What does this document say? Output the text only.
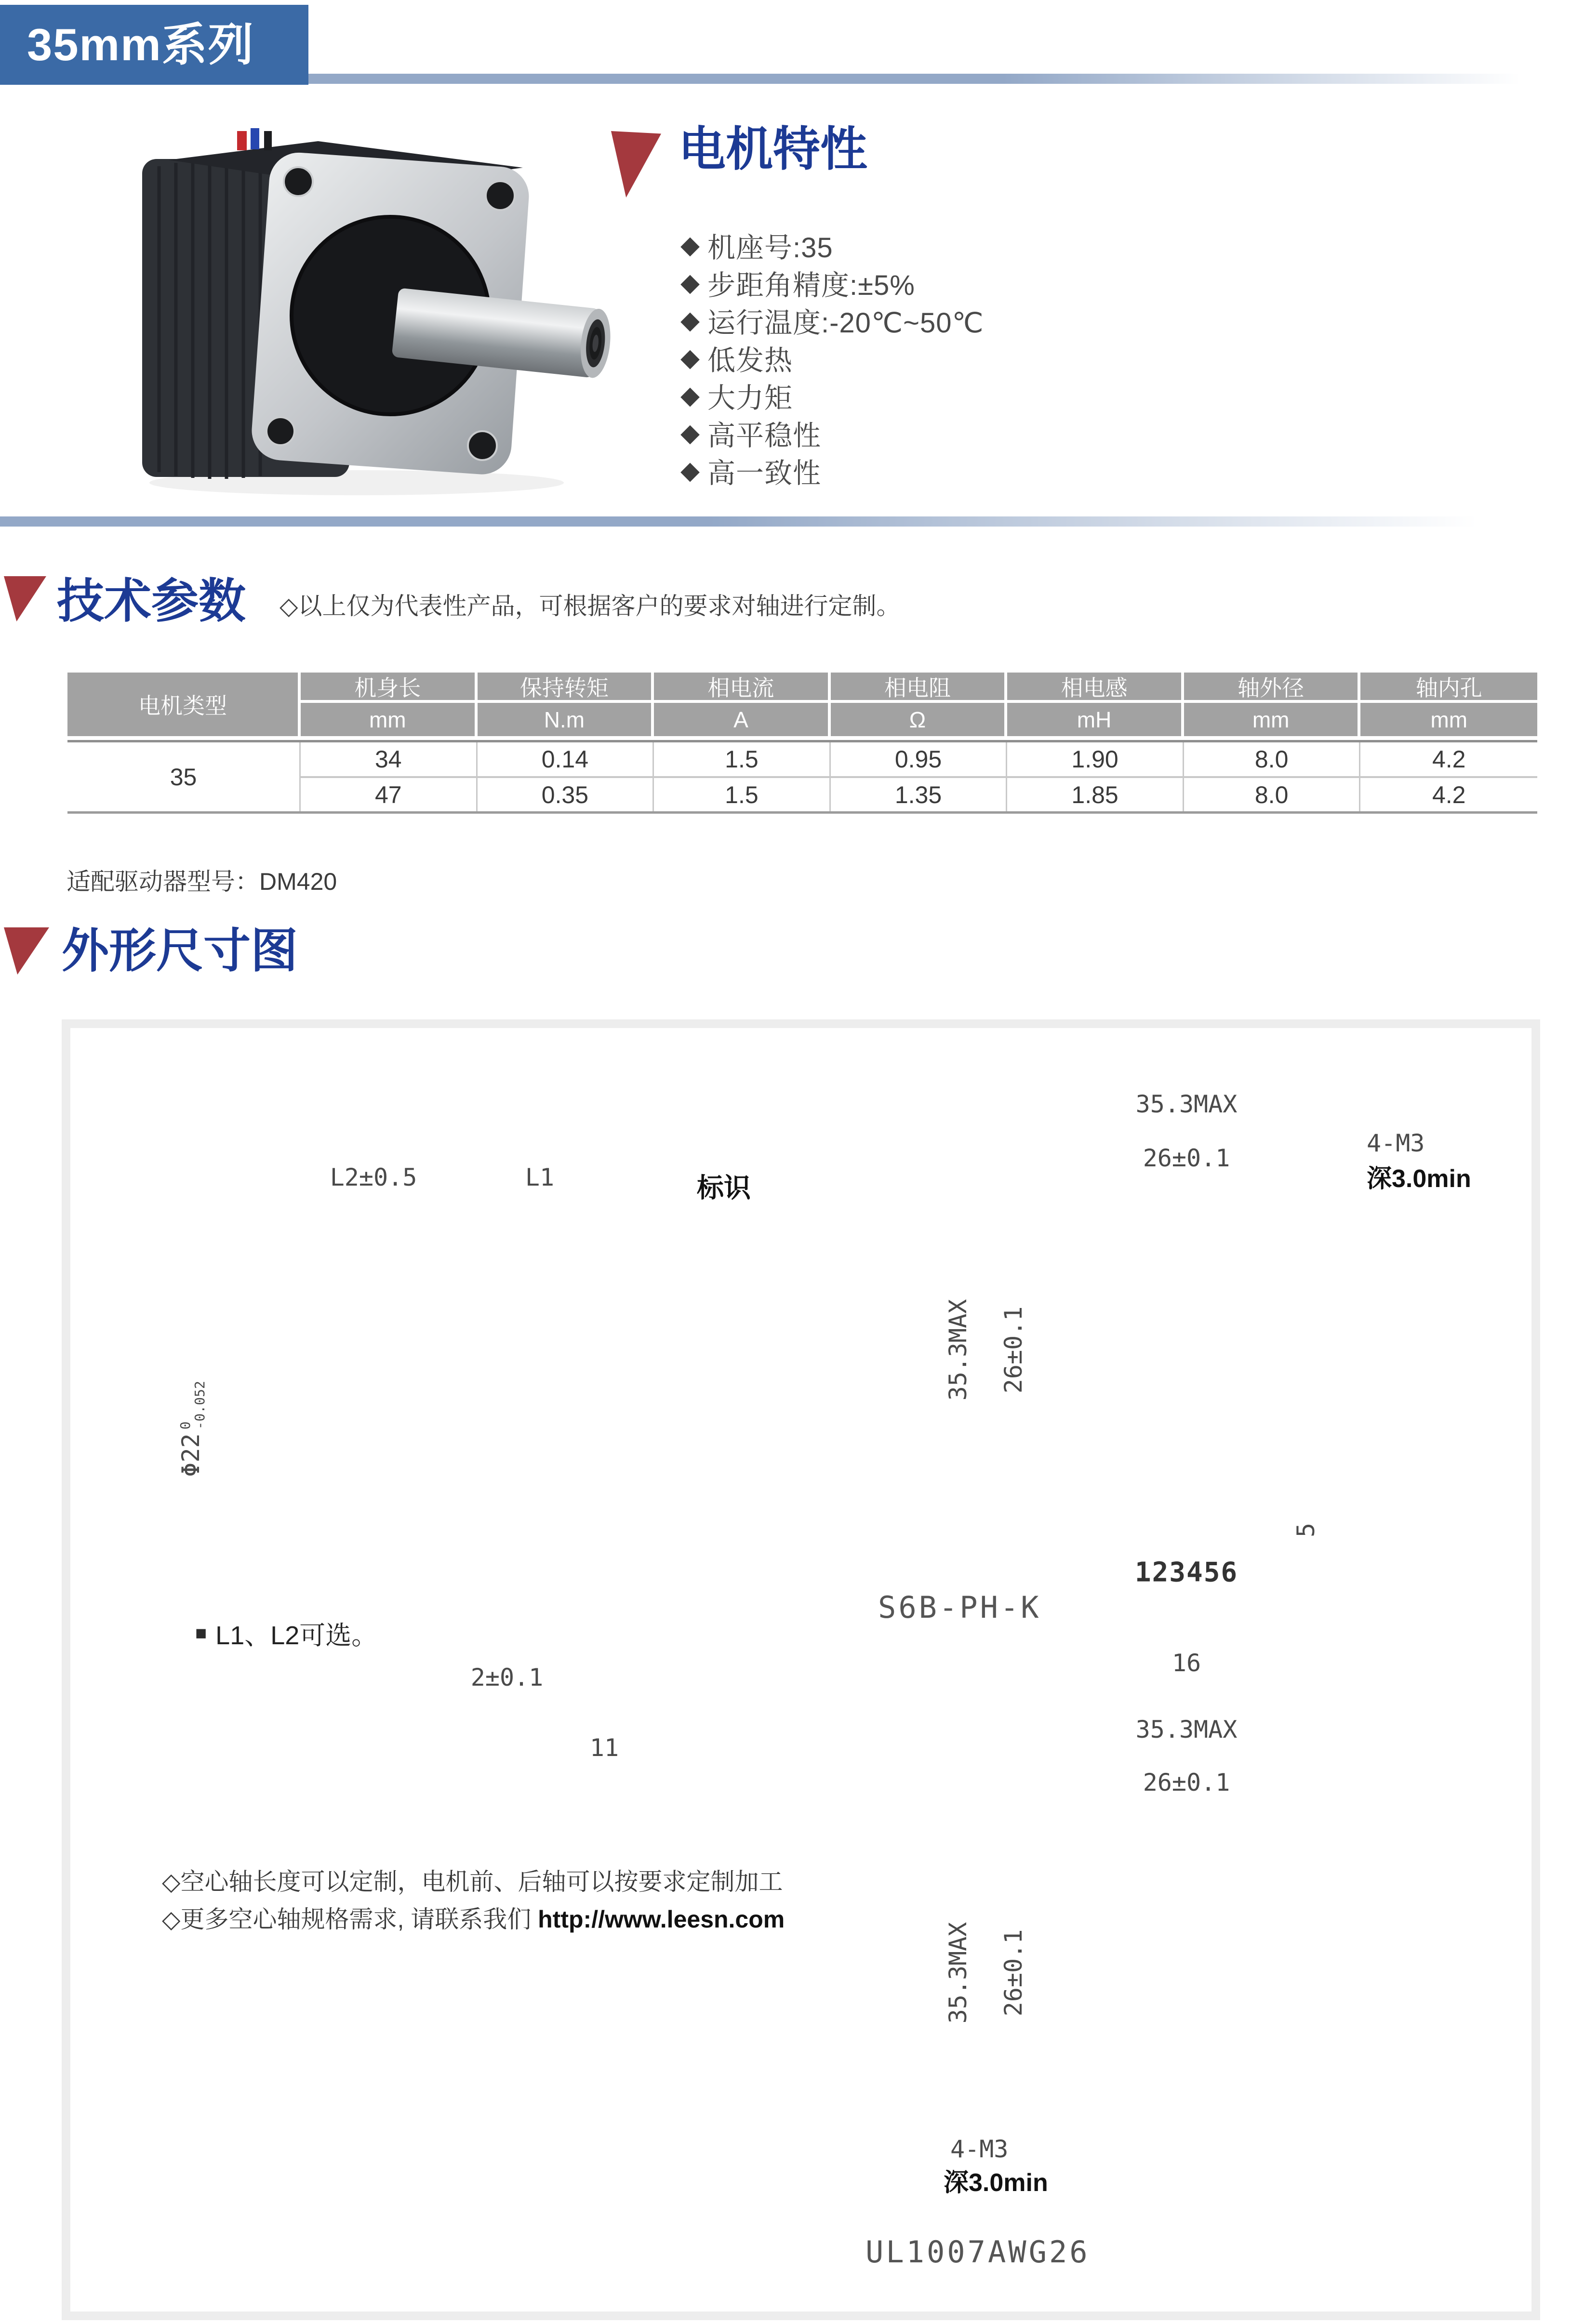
35mm系列
电机特性
◆ 机座号:35
◆ 步距角精度:±5%
◆ 运行温度:-20℃~50℃
◆ 低发热
◆ 大力矩
◆ 高平稳性
◆ 高一致性
技术参数 ◇以上仅为代表性产品，可根据客户的要求对轴进行定制。
电机类型
机身长	保持转矩	相电流	相电阻	相电感	轴外径	轴内孔
mm	N.m	A	Ω	mH	mm	mm
35
34	0.14	1.5	0.95	1.90	8.0	4.2
47	0.35	1.5	1.35	1.85	8.0	4.2
适配驱动器型号：DM420
外形尺寸图
L2±0.5	L1	标识
Φ22
0
-0.052
■ L1、L2可选。
2±0.1
11
35.3MAX
26±0.1
4-M3
深3.0min
35.3MAX 26±0.1
123456
5
S6B-PH-K
16
35.3MAX
26±0.1
35.3MAX 26±0.1
4-M3
深3.0min
UL1007AWG26
◇空心轴长度可以定制，电机前、后轴可以按要求定制加工
◇更多空心轴规格需求, 请联系我们 http://www.leesn.com
